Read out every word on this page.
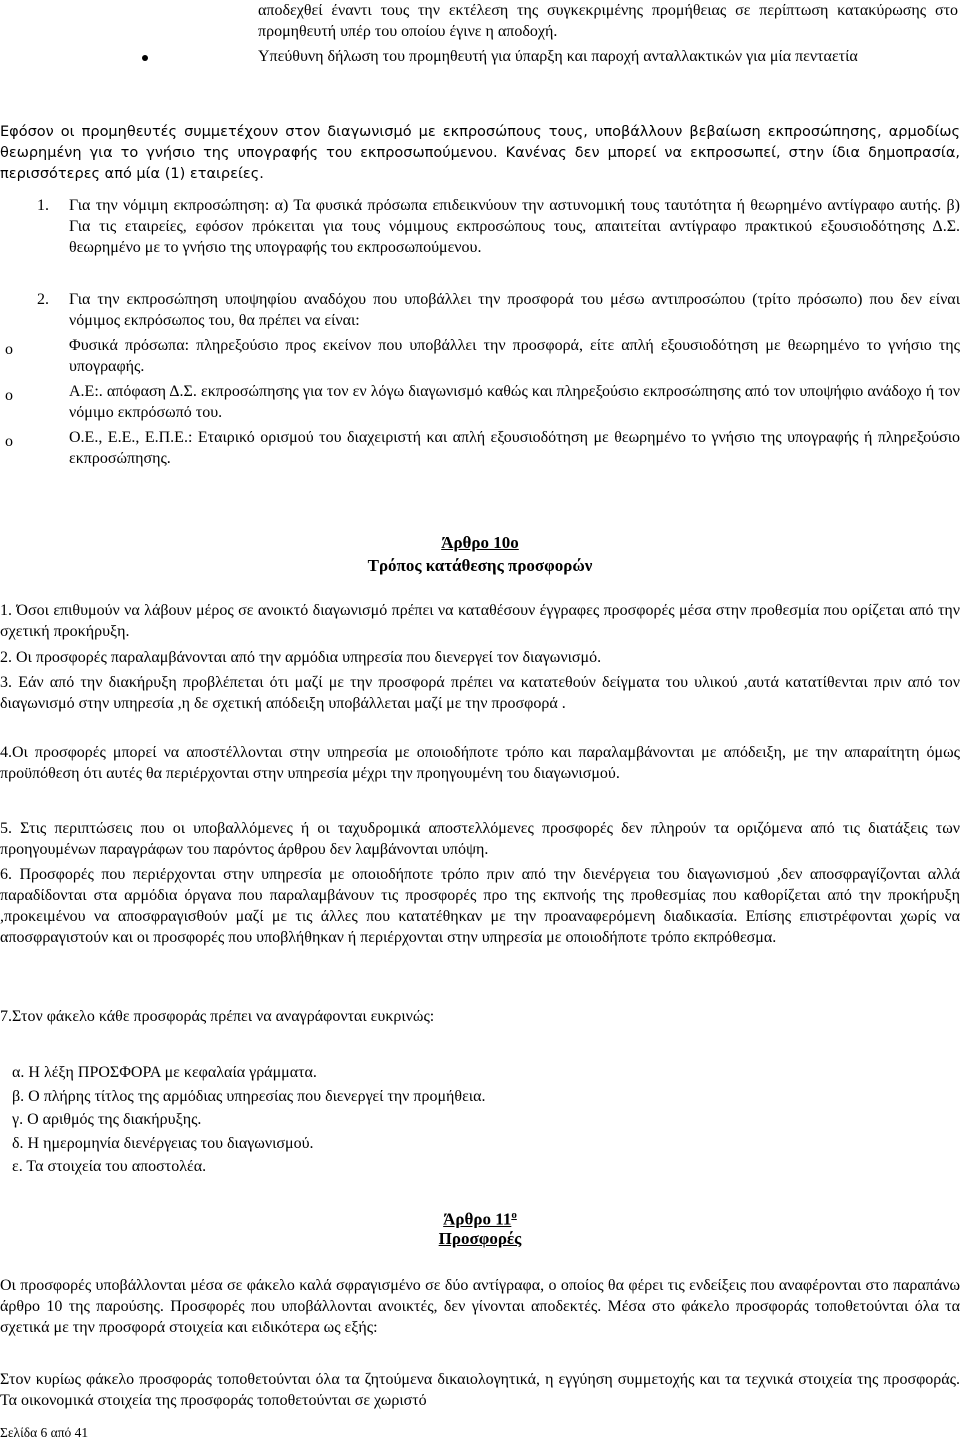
αποδεχθεί έναντι τους την εκτέλεση της συγκεκριμένης προμήθειας σε περίπτωση κατακύρωσης στο προμηθευτή υπέρ του οποίου έγινε η αποδοχή.

Υπεύθυνη δήλωση του προμηθευτή για ύπαρξη και παροχή ανταλλακτικών για μία πενταετία

Εφόσον οι προμηθευτές συμμετέχουν στον διαγωνισμό με εκπροσώπους τους, υποβάλλουν βεβαίωση εκπροσώπησης, αρμοδίως θεωρημένη για το γνήσιο της υπογραφής του εκπροσωπούμενου. Κανένας δεν μπορεί να εκπροσωπεί, στην ίδια δημοπρασία, περισσότερες από μία (1) εταιρείες.

1. Για την νόμιμη εκπροσώπηση: α) Τα φυσικά πρόσωπα επιδεικνύουν την αστυνομική τους ταυτότητα ή θεωρημένο αντίγραφο αυτής. β) Για τις εταιρείες, εφόσον πρόκειται για τους νόμιμους εκπροσώπους τους, απαιτείται αντίγραφο πρακτικού εξουσιοδότησης Δ.Σ. θεωρημένο με το γνήσιο της υπογραφής του εκπροσωπούμενου.

2. Για την εκπροσώπηση υποψηφίου αναδόχου που υποβάλλει την προσφορά του μέσω αντιπροσώπου (τρίτο πρόσωπο) που δεν είναι νόμιμος εκπρόσωπος του, θα πρέπει να είναι:

o	Φυσικά πρόσωπα: πληρεξούσιο προς εκείνον που υποβάλλει την προσφορά, είτε απλή εξουσιοδότηση με θεωρημένο το γνήσιο της υπογραφής.

o	Α.Ε:. απόφαση Δ.Σ. εκπροσώπησης για τον εν λόγω διαγωνισμό καθώς και πληρεξούσιο εκπροσώπησης από τον υποψήφιο ανάδοχο ή τον νόμιμο εκπρόσωπό του.

o	Ο.Ε., Ε.Ε., Ε.Π.Ε.: Εταιρικό ορισμού του διαχειριστή και απλή εξουσιοδότηση με θεωρημένο το γνήσιο της υπογραφής ή πληρεξούσιο εκπροσώπησης.

Άρθρο 10ο
Τρόπος κατάθεσης προσφορών

1. Όσοι επιθυμούν να λάβουν μέρος σε ανοικτό διαγωνισμό πρέπει να καταθέσουν έγγραφες προσφορές μέσα στην προθεσμία που ορίζεται από την σχετική προκήρυξη.

2. Οι προσφορές παραλαμβάνονται από την αρμόδια υπηρεσία που διενεργεί τον διαγωνισμό.

3. Εάν από την διακήρυξη προβλέπεται ότι μαζί με την προσφορά πρέπει να κατατεθούν δείγματα του υλικού ,αυτά κατατίθενται πριν από τον διαγωνισμό στην υπηρεσία ,η δε σχετική απόδειξη υποβάλλεται μαζί με την προσφορά .

4.Οι προσφορές μπορεί να αποστέλλονται στην υπηρεσία με οποιοδήποτε τρόπο και παραλαμβάνονται με απόδειξη, με την απαραίτητη όμως προϋπόθεση ότι αυτές θα περιέρχονται στην υπηρεσία μέχρι την προηγουμένη του διαγωνισμού.

5. Στις περιπτώσεις που οι υποβαλλόμενες ή οι ταχυδρομικά αποστελλόμενες προσφορές δεν πληρούν τα οριζόμενα από τις διατάξεις των προηγουμένων παραγράφων του παρόντος άρθρου δεν λαμβάνονται υπόψη.

6. Προσφορές που περιέρχονται στην υπηρεσία με οποιοδήποτε τρόπο πριν από την διενέργεια του διαγωνισμού ,δεν αποσφραγίζονται αλλά παραδίδονται στα αρμόδια όργανα που παραλαμβάνουν τις προσφορές προ της εκπνοής της προθεσμίας που καθορίζεται από την προκήρυξη ,προκειμένου να αποσφραγισθούν μαζί με τις άλλες που κατατέθηκαν με την προαναφερόμενη διαδικασία. Επίσης επιστρέφονται χωρίς να αποσφραγιστούν και οι προσφορές που υποβλήθηκαν ή περιέρχονται στην υπηρεσία με οποιοδήποτε τρόπο εκπρόθεσμα.

7.Στον φάκελο κάθε προσφοράς πρέπει να αναγράφονται ευκρινώς:

α. Η λέξη ΠΡΟΣΦΟΡΑ με κεφαλαία γράμματα.
β. Ο πλήρης τίτλος της αρμόδιας υπηρεσίας που διενεργεί την προμήθεια.
γ. Ο αριθμός της διακήρυξης.
δ. Η ημερομηνία διενέργειας του διαγωνισμού.
ε. Τα στοιχεία του αποστολέα.
Άρθρο $11^o$
Προσφορές

Οι προσφορές υποβάλλονται μέσα σε φάκελο καλά σφραγισμένο σε δύο αντίγραφα, ο οποίος θα φέρει τις ενδείξεις που αναφέρονται στο παραπάνω άρθρο 10 της παρούσης. Προσφορές που υποβάλλονται ανοικτές, δεν γίνονται αποδεκτές. Μέσα στο φάκελο προσφοράς τοποθετούνται όλα τα σχετικά με την προσφορά στοιχεία και ειδικότερα ως εξής:

Στον κυρίως φάκελο προσφοράς τοποθετούνται όλα τα ζητούμενα δικαιολογητικά, η εγγύηση συμμετοχής και τα τεχνικά στοιχεία της προσφοράς. Τα οικονομικά στοιχεία της προσφοράς τοποθετούνται σε χωριστό

Σελίδα 6 από 41
